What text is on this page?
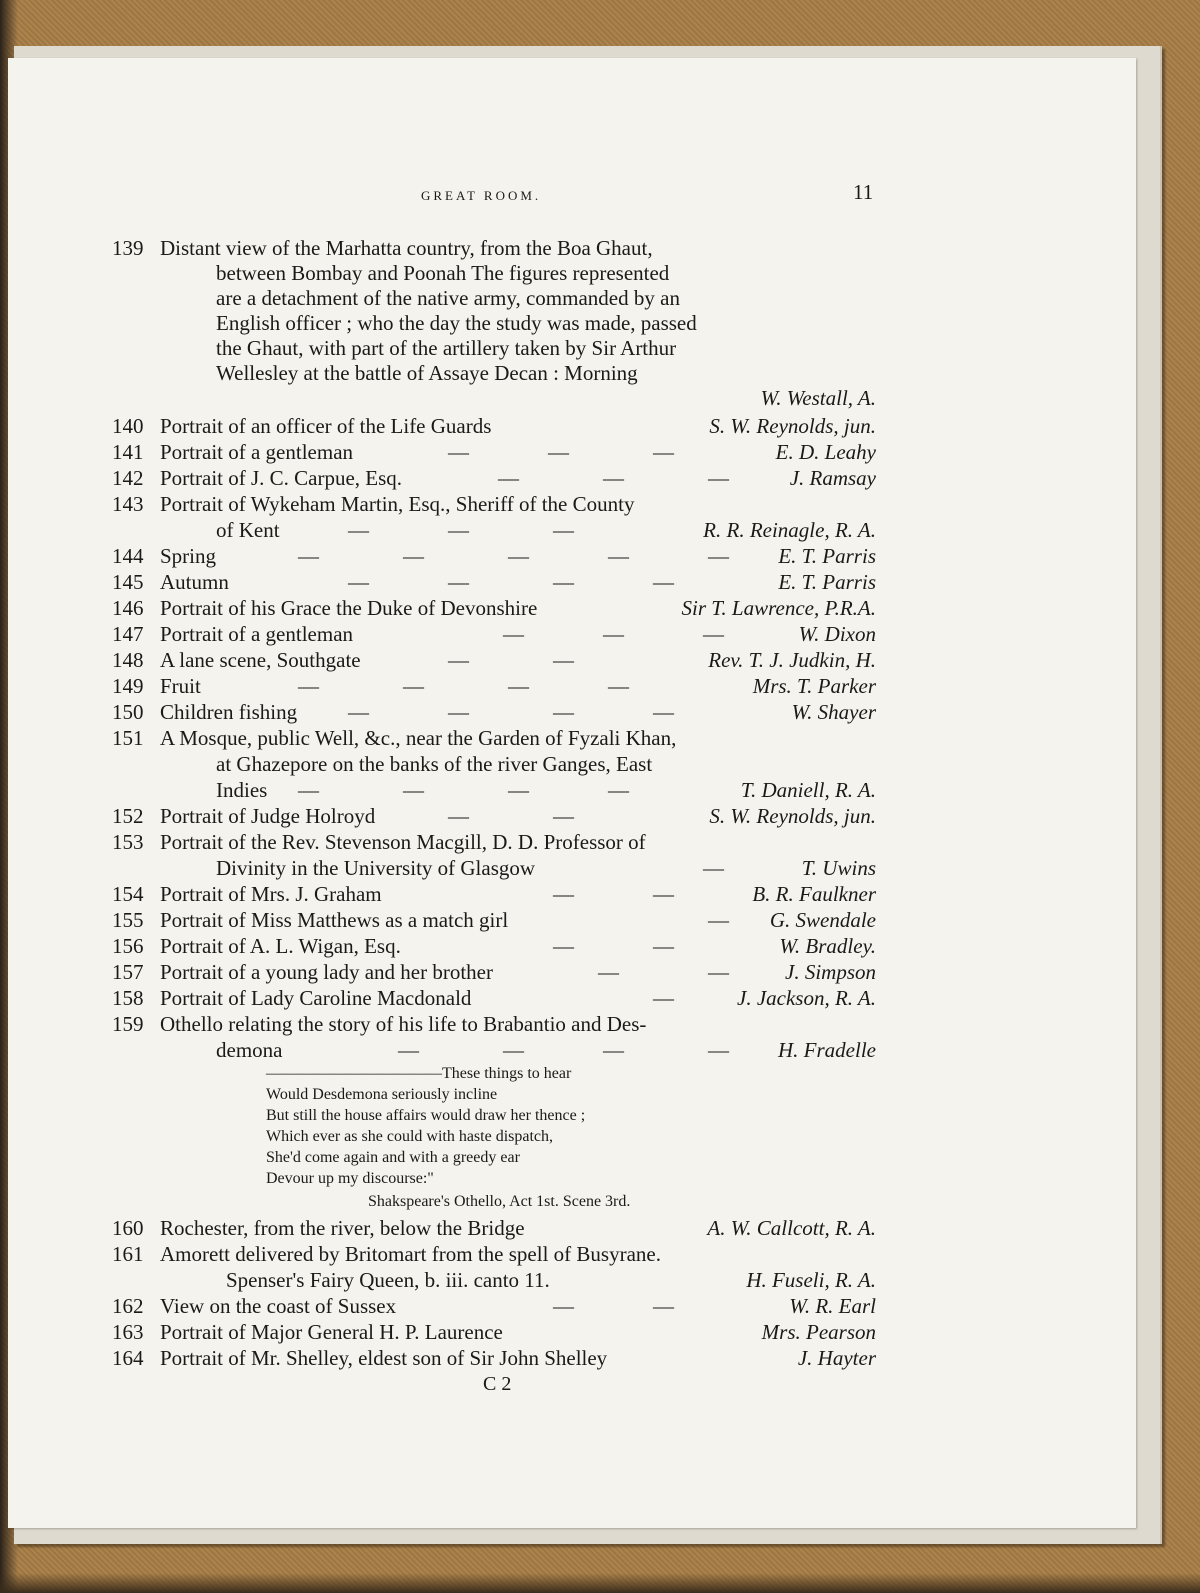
GREAT ROOM.	11
C 2
139 Distant view of the Marhatta country, from the Boa Ghaut,
between Bombay and Poonah The figures represented
are a detachment of the native army, commanded by an
English officer ; who the day the study was made, passed
the Ghaut, with part of the artillery taken by Sir Arthur
Wellesley at the battle of Assaye Decan : Morning
W. Westall, A.
140 Portrait of an officer of the Life Guards	S. W. Reynolds, jun.
141 Portrait of a gentleman	—	—	—	E. D. Leahy
142 Portrait of J. C. Carpue, Esq.	—	—	—	J. Ramsay
143 Portrait of Wykeham Martin, Esq., Sheriff of the County
of Kent	—	—	—	R. R. Reinagle, R. A.
144 Spring	—	—	—	—	— E. T. Parris
145 Autumn	—	—	—	—	E. T. Parris
146 Portrait of his Grace the Duke of Devonshire	Sir T. Lawrence, P.R.A.
147 Portrait of a gentleman	—	—	—	W. Dixon
148 A lane scene, Southgate	—	—	Rev. T. J. Judkin, H.
149 Fruit	—	—	—	—	Mrs. T. Parker
150 Children fishing —	—	—	—	W. Shayer
151 A Mosque, public Well, &c., near the Garden of Fyzali Khan,
at Ghazepore on the banks of the river Ganges, East
Indies —	—	—	—	T. Daniell, R. A.
152 Portrait of Judge Holroyd	—	—	S. W. Reynolds, jun.
153 Portrait of the Rev. Stevenson Macgill, D. D. Professor of
Divinity in the University of Glasgow	—	T. Uwins
154 Portrait of Mrs. J. Graham	—	—	B. R. Faulkner
155 Portrait of Miss Matthews as a match girl	— G. Swendale
156 Portrait of A. L. Wigan, Esq.	—	—	W. Bradley.
157 Portrait of a young lady and her brother	—	—	J. Simpson
158 Portrait of Lady Caroline Macdonald	—	J. Jackson, R. A.
159 Othello relating the story of his life to Brabantio and Des-
demona	—	—	—	— H. Fradelle
160 Rochester, from the river, below the Bridge	A. W. Callcott, R. A.
161 Amorett delivered by Britomart from the spell of Busyrane.
Spenser's Fairy Queen, b. iii. canto 11.	H. Fuseli, R. A.
162 View on the coast of Sussex	—	—	W. R. Earl
163 Portrait of Major General H. P. Laurence	Mrs. Pearson
164 Portrait of Mr. Shelley, eldest son of Sir John Shelley	J. Hayter
———————————These things to hear
Would Desdemona seriously incline
But still the house affairs would draw her thence ;
Which ever as she could with haste dispatch,
She'd come again and with a greedy ear
Devour up my discourse:"
Shakspeare's Othello, Act 1st. Scene 3rd.
